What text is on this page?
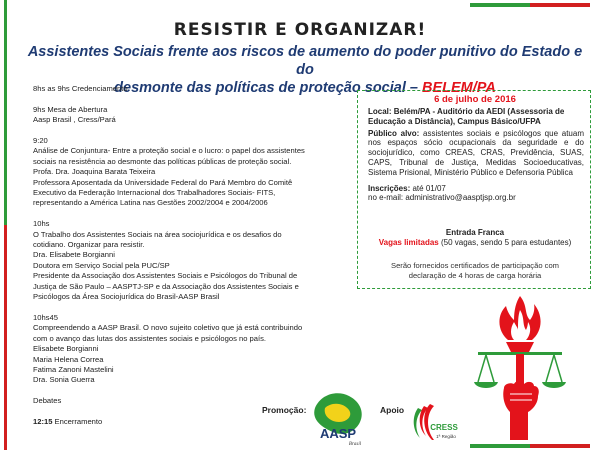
RESISTIR E ORGANIZAR!
Assistentes Sociais frente aos riscos de aumento do poder punitivo do Estado e do
desmonte das políticas de proteção social – BELEM/PA
8hs as 9hs Credenciamento
9hs Mesa de Abertura
Aasp Brasil , Cress/Pará
9:20
Análise de Conjuntura- Entre a proteção social e o lucro: o papel dos assistentes
sociais na resistência ao desmonte das políticas públicas de proteção social.
Profa. Dra. Joaquina Barata Teixeira
Professora Aposentada da Universidade Federal do Pará Membro do Comitê
Executivo da Federação Internacional dos Trabalhadores Sociais- FITS,
representando a América Latina nas Gestões 2002/2004 e 2004/2006
10hs
O Trabalho dos Assistentes Sociais na área sociojurídica e os desafios do
cotidiano. Organizar para resistir.
Dra. Elisabete Borgianni
Doutora em Serviço Social pela PUC/SP
Presidente da Associação dos Assistentes Sociais e Psicólogos do Tribunal de
Justiça de São Paulo – AASPTJ-SP e da Associação dos Assistentes Sociais e
Psicólogos da Área Sociojurídica do Brasil-AASP Brasil
10hs45
Compreendendo a AASP Brasil. O novo sujeito coletivo que já está contribuindo
com o avanço das lutas dos assistentes sociais e psicólogos no país.
Elisabete Borgianni
Maria Helena Correa
Fatima Zanoni Mastelini
Dra. Sonia Guerra
Debates
12:15 Encerramento
6 de julho de 2016
Local: Belém/PA - Auditório da AEDI (Assessoria de Educação a Distância), Campus Básico/UFPA
Público alvo: assistentes sociais e psicólogos que atuam nos espaços sócio ocupacionais da seguridade e do sociojurídico, como CREAS, CRAS, Previdência, SUAS, CAPS, Tribunal de Justiça, Medidas Socioeducativas, Sistema Prisional, Ministério Público e Defensoria Pública
Inscrições: até 01/07
no e-mail: administrativo@aasptjsp.org.br
Entrada Franca
Vagas limitadas (50 vagas, sendo 5 para estudantes)
Serão fornecidos certificados de participação com
declaração de 4 horas de carga horária
Promoção:
AASP
Brasil
Apoio
CRESS
1ª Região
